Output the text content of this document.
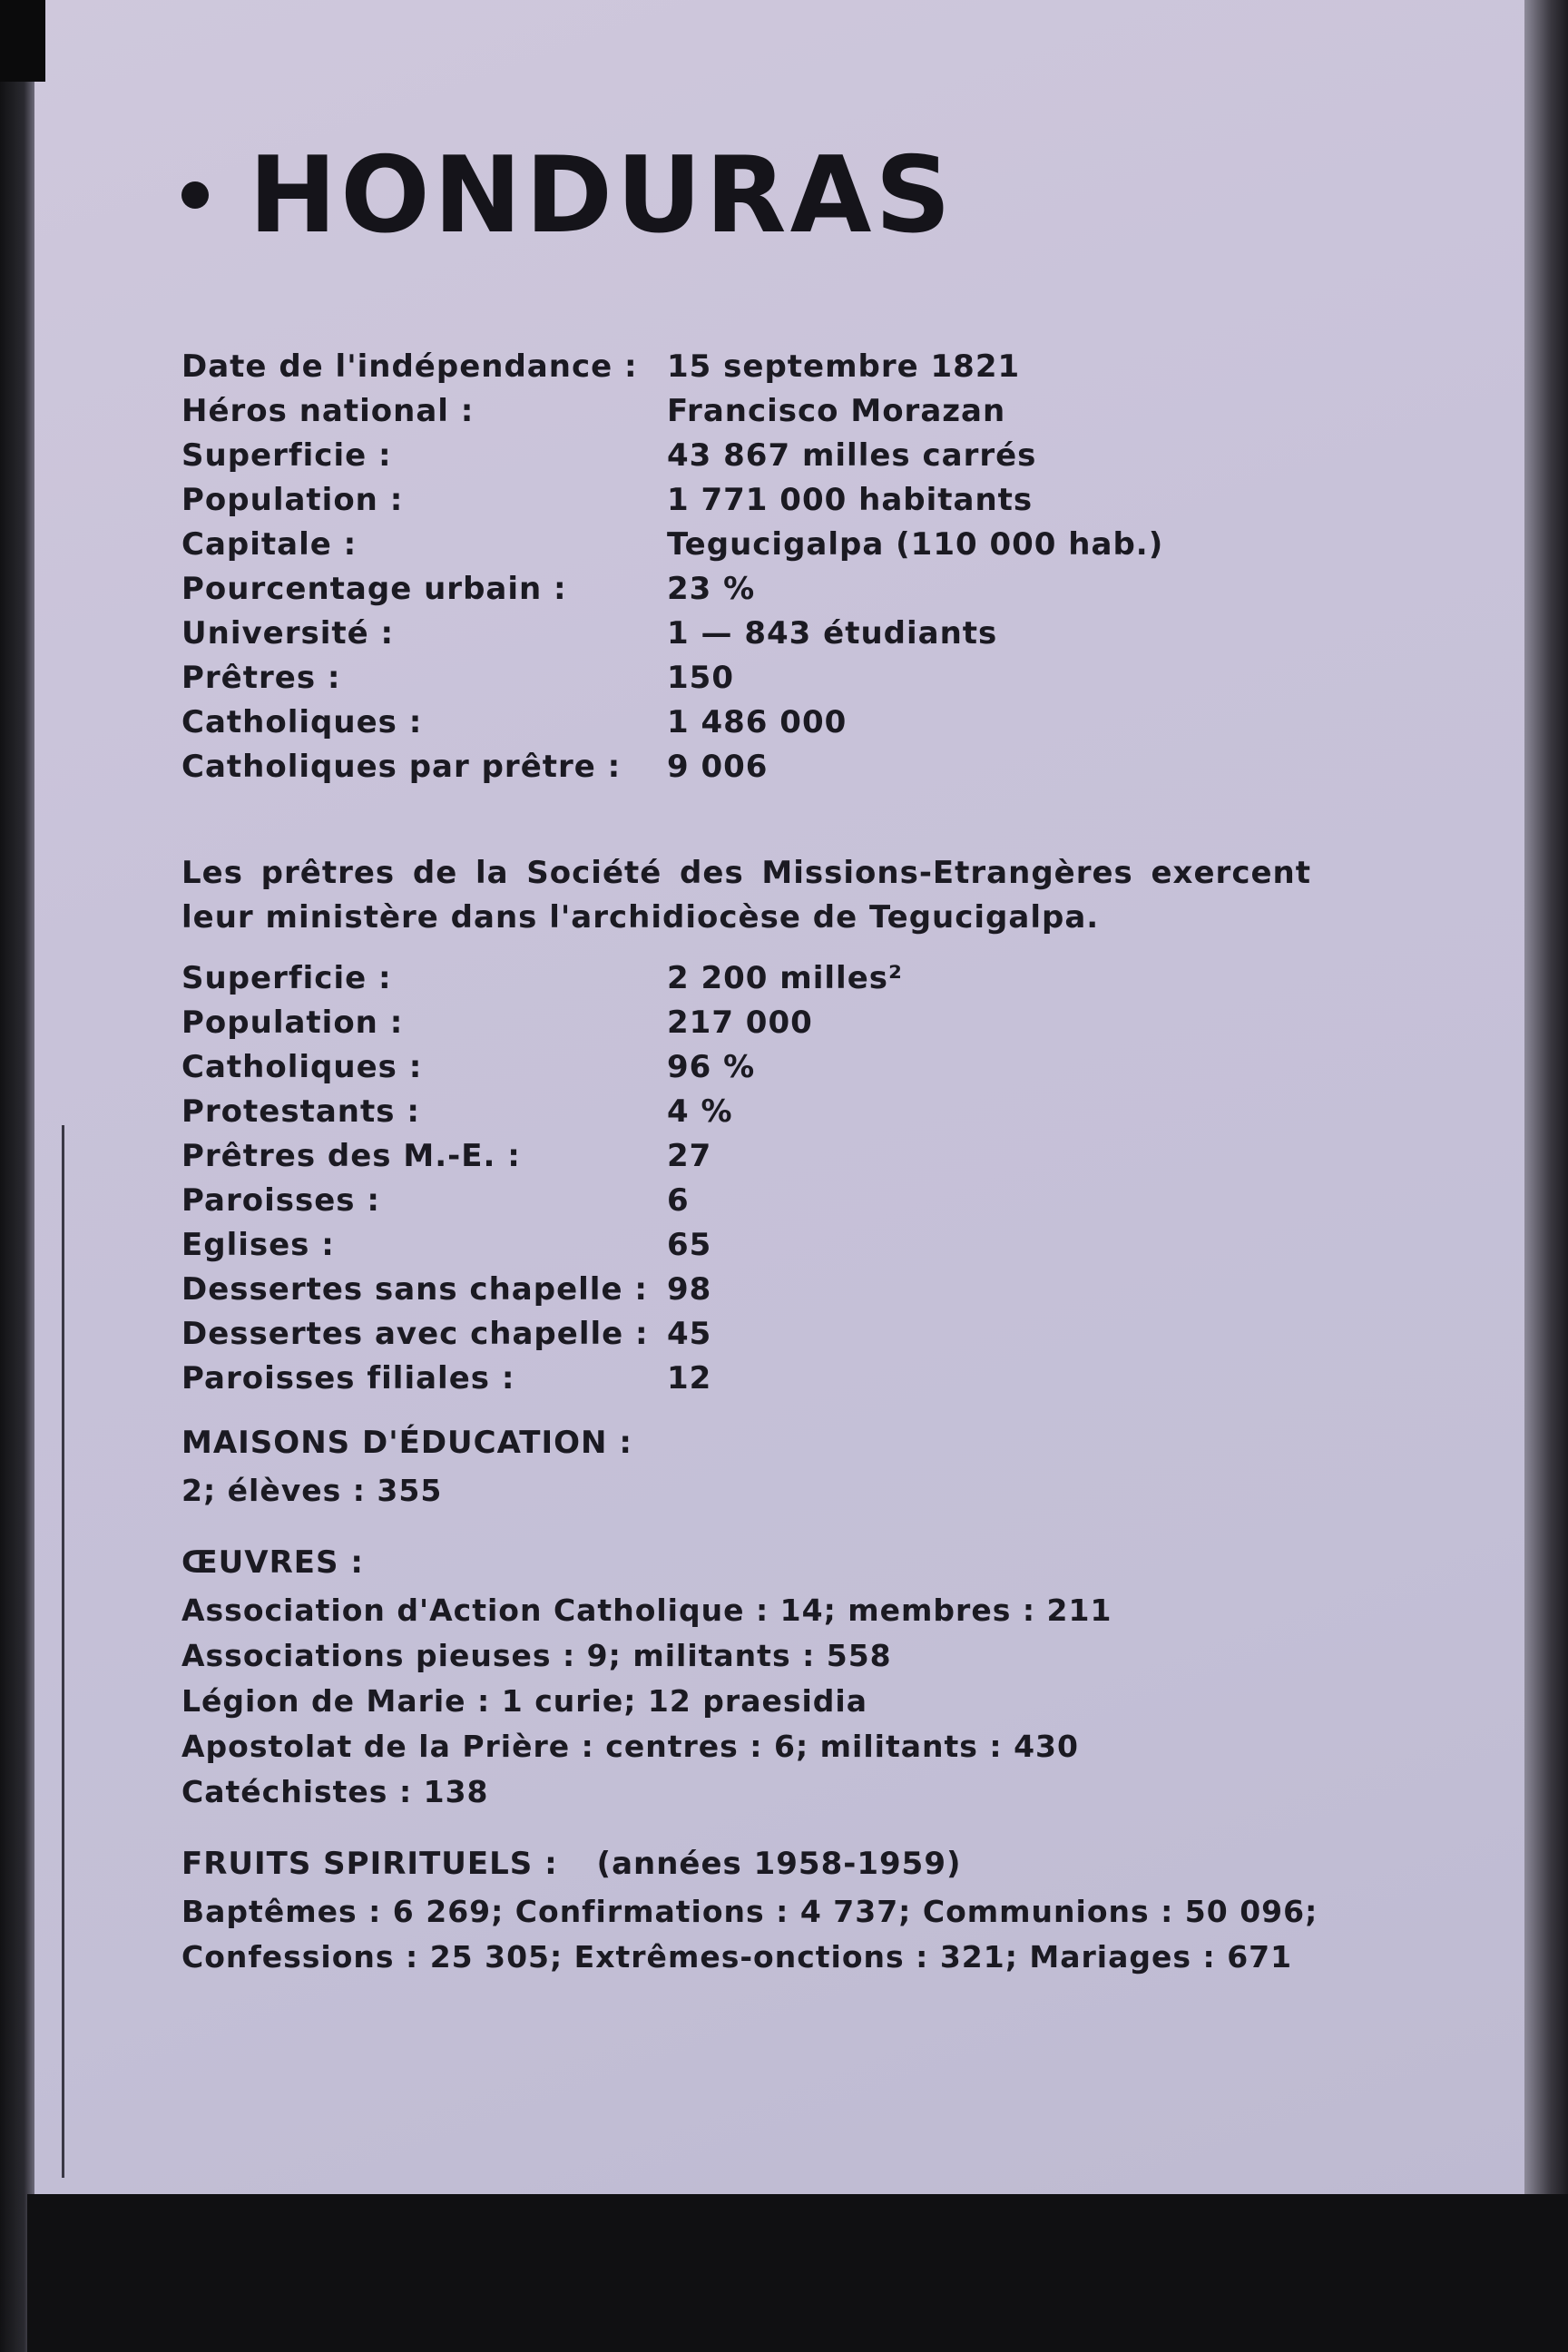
HONDURAS
Date de l'indépendance : 15 septembre 1821
Héros national :	Francisco Morazan
Superficie :	43 867 milles carrés
Population :	1 771 000 habitants
Capitale :	Tegucigalpa (110 000 hab.)
Pourcentage urbain :	23 %
Université :	1 — 843 étudiants
Prêtres :	150
Catholiques :	1 486 000
Catholiques par prêtre :	9 006
Les prêtres de la Société des Missions-Etrangères exercent leur ministère dans l'archidiocèse de Tegucigalpa.
Superficie :	2 200 milles²
Population :	217 000
Catholiques :	96 %
Protestants :	4 %
Prêtres des M.-E. :	27
Paroisses :	6
Eglises :	65
Dessertes sans chapelle : 98
Dessertes avec chapelle : 45
Paroisses filiales :	12
MAISONS D'ÉDUCATION :
2; élèves : 355
ŒUVRES :
Association d'Action Catholique : 14; membres : 211
Associations pieuses : 9; militants : 558
Légion de Marie : 1 curie; 12 praesidia
Apostolat de la Prière : centres : 6; militants : 430
Catéchistes : 138
FRUITS SPIRITUELS : (années 1958-1959)
Baptêmes : 6 269; Confirmations : 4 737; Communions : 50 096;
Confessions : 25 305; Extrêmes-onctions : 321; Mariages : 671
